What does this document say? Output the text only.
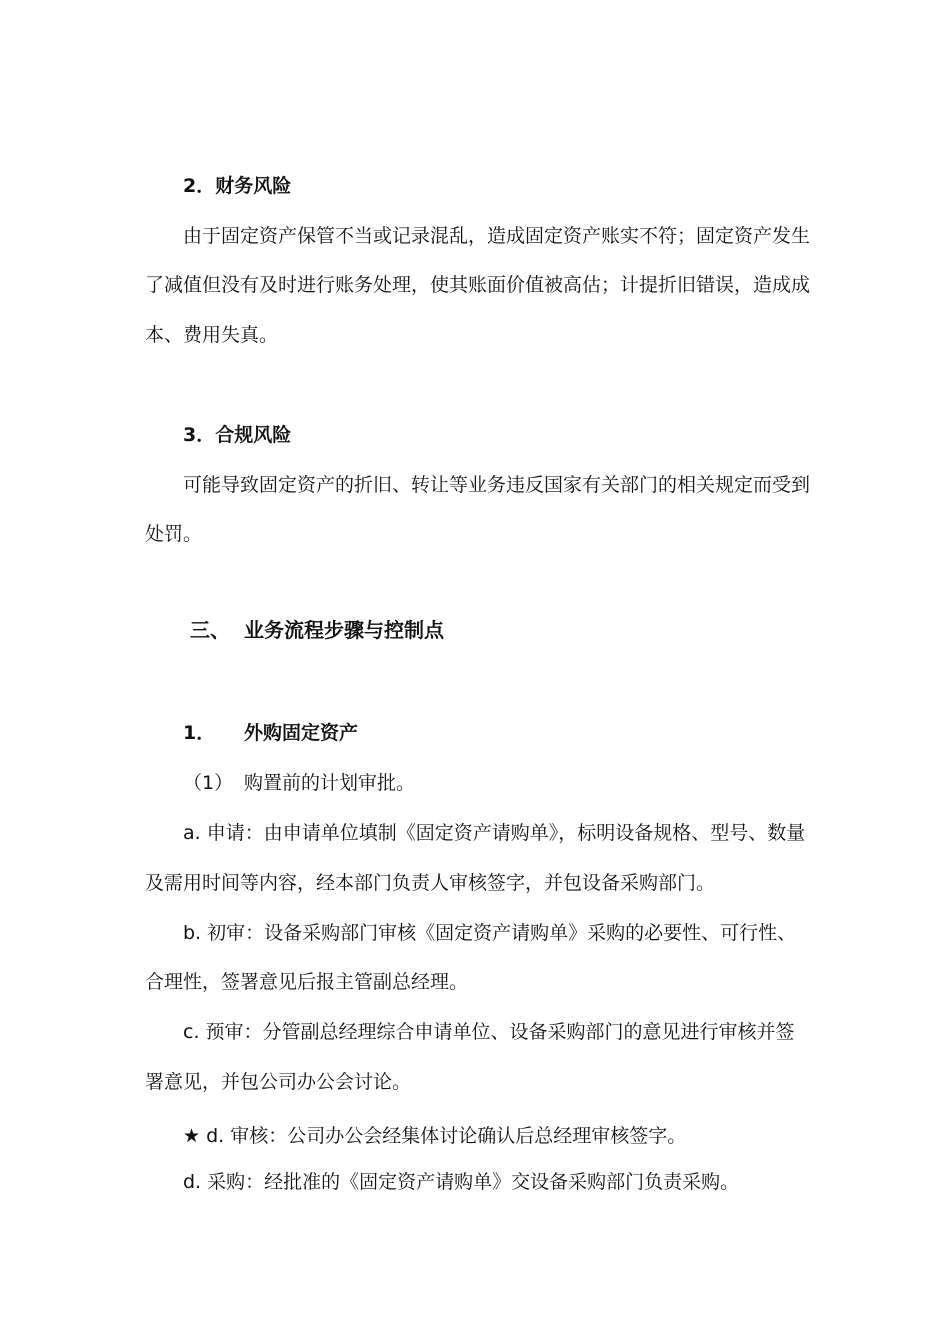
2．财务风险
由于固定资产保管不当或记录混乱，造成固定资产账实不符；固定资产发生
了减值但没有及时进行账务处理，使其账面价值被高估；计提折旧错误，造成成
本、费用失真。
3．合规风险
可能导致固定资产的折旧、转让等业务违反国家有关部门的相关规定而受到
处罚。
三、 业务流程步骤与控制点
1． 外购固定资产
（1） 购置前的计划审批。
a. 申请：由申请单位填制《固定资产请购单》，标明设备规格、型号、数量
及需用时间等内容，经本部门负责人审核签字，并包设备采购部门。
b. 初审：设备采购部门审核《固定资产请购单》采购的必要性、可行性、
合理性，签署意见后报主管副总经理。
c. 预审：分管副总经理综合申请单位、设备采购部门的意见进行审核并签
署意见，并包公司办公会讨论。
★ d. 审核：公司办公会经集体讨论确认后总经理审核签字。
d. 采购：经批准的《固定资产请购单》交设备采购部门负责采购。
